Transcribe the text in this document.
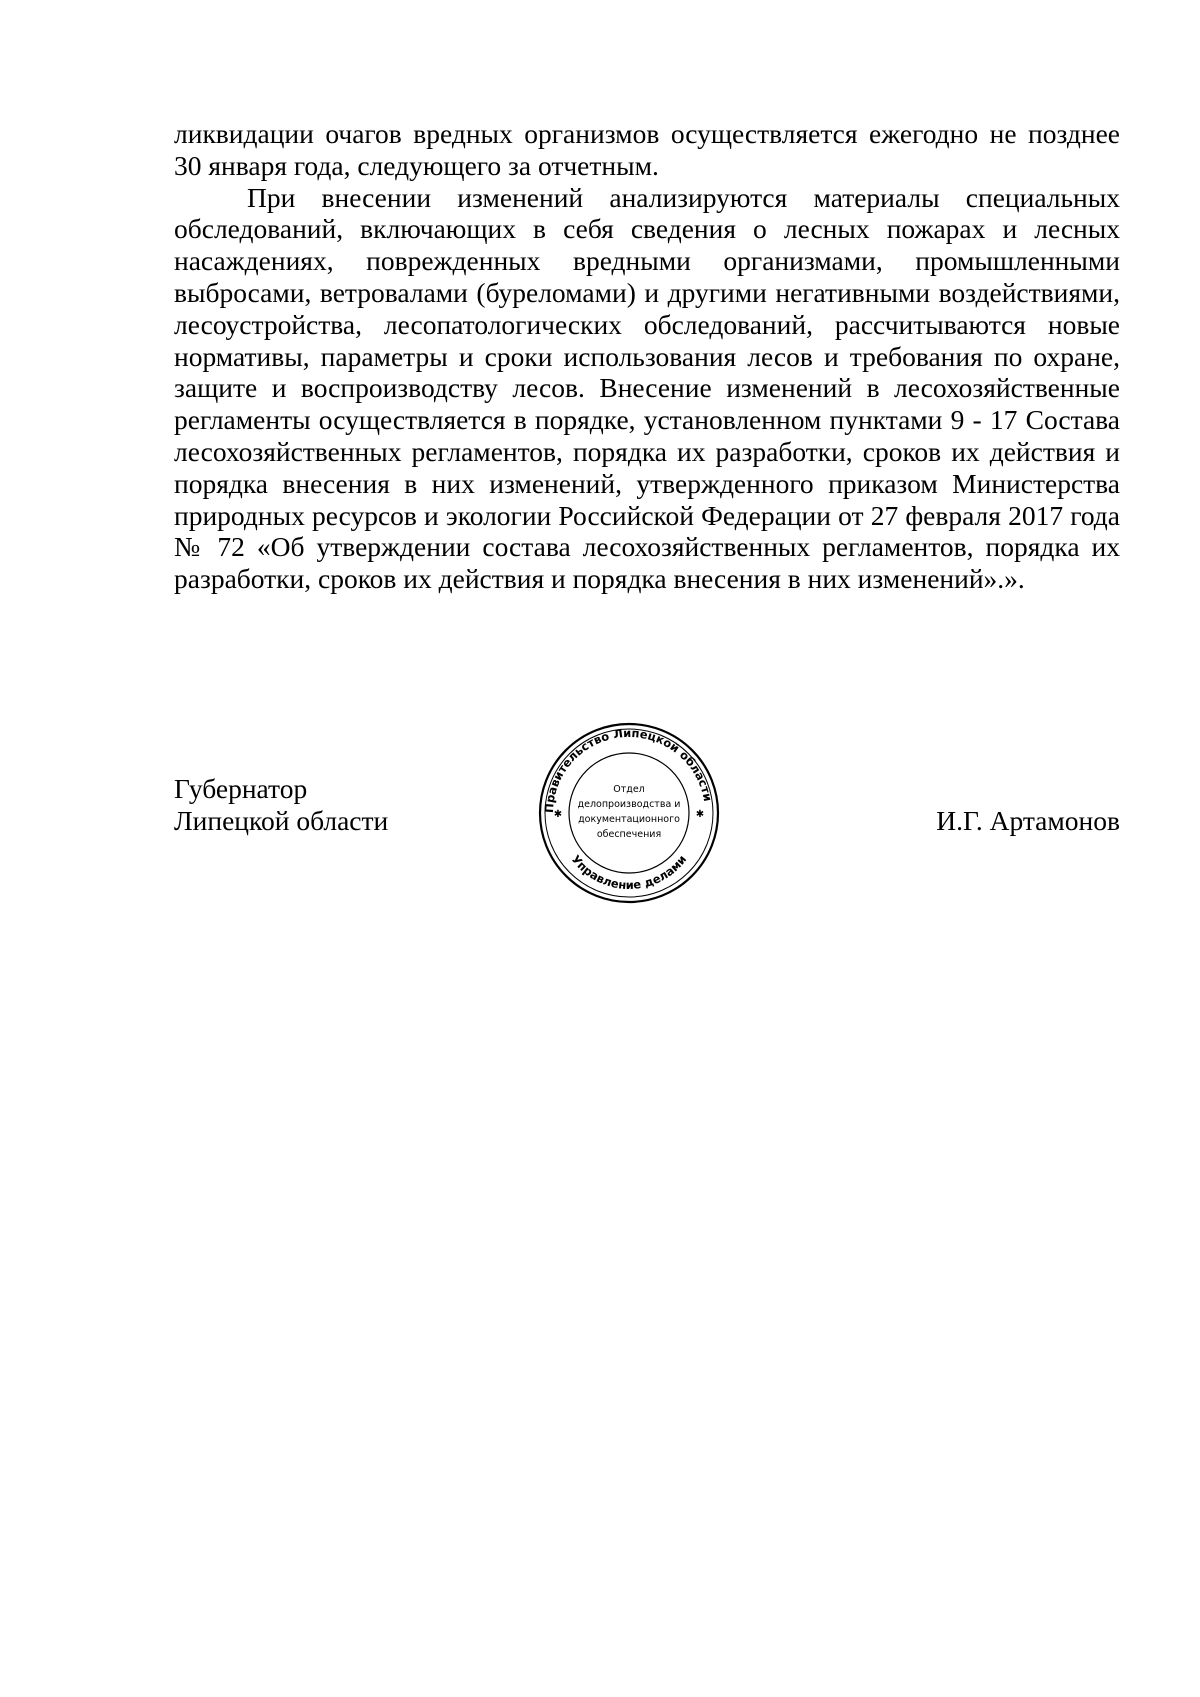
ликвидации очагов вредных организмов осуществляется ежегодно не позднее 30 января года, следующего за отчетным.

При внесении изменений анализируются материалы специальных обследований, включающих в себя сведения о лесных пожарах и лесных насаждениях, поврежденных вредными организмами, промышленными выбросами, ветровалами (буреломами) и другими негативными воздействиями, лесоустройства, лесопатологических обследований, рассчитываются новые нормативы, параметры и сроки использования лесов и требования по охране, защите и воспроизводству лесов. Внесение изменений в лесохозяйственные регламенты осуществляется в порядке, установленном пунктами 9 - 17 Состава лесохозяйственных регламентов, порядка их разработки, сроков их действия и порядка внесения в них изменений, утвержденного приказом Министерства природных ресурсов и экологии Российской Федерации от 27 февраля 2017 года № 72 «Об утверждении состава лесохозяйственных регламентов, порядка их разработки, сроков их действия и порядка внесения в них изменений».».

Губернатор
Липецкой области	Правительство Липецкой области
Управление делами
✱	✱
Отдел
делопроизводства и
документационного
обеспечения	И.Г. Артамонов
